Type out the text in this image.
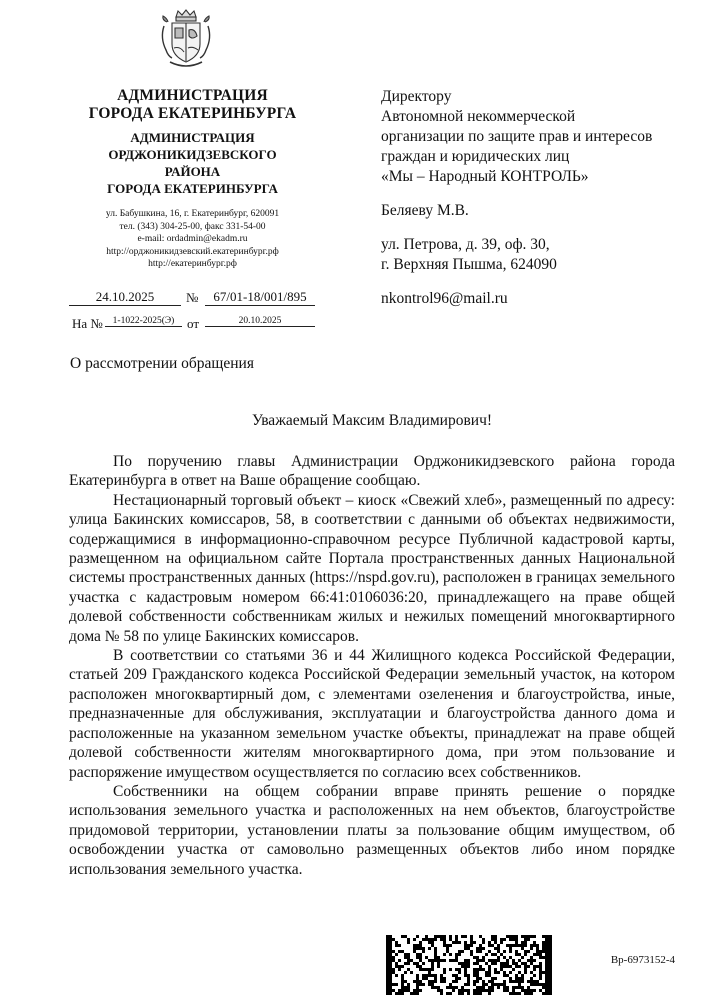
АДМИНИСТРАЦИЯ
ГОРОДА ЕКАТЕРИНБУРГА
АДМИНИСТРАЦИЯ
ОРДЖОНИКИДЗЕВСКОГО
РАЙОНА
ГОРОДА ЕКАТЕРИНБУРГА
ул. Бабушкина, 16, г. Екатеринбург, 620091
тел. (343) 304-25-00, факс 331-54-00
e-mail: ordadmin@ekadm.ru
http://орджоникидзевский.екатеринбург.рф
http://екатеринбург.рф
24.10.2025	№	67/01-18/001/895
На №	1-1022-2025(Э) от	20.10.2025
Директору
Автономной некоммерческой
организации по защите прав и интересов
граждан и юридических лиц
«Мы – Народный КОНТРОЛЬ»
Беляеву М.В.
ул. Петрова, д. 39, оф. 30,
г. Верхняя Пышма, 624090
nkontrol96@mail.ru
О рассмотрении обращения
Уважаемый Максим Владимирович!

По поручению главы Администрации Орджоникидзевского района города Екатеринбурга в ответ на Ваше обращение сообщаю.

Нестационарный торговый объект – киоск «Свежий хлеб», размещенный по адресу: улица Бакинских комиссаров, 58, в соответствии с данными об объектах недвижимости, содержащимися в информационно-справочном ресурсе Публичной кадастровой карты, размещенном на официальном сайте Портала пространственных данных Национальной системы пространственных данных (https://nspd.gov.ru), расположен в границах земельного участка с кадастровым номером 66:41:0106036:20, принадлежащего на праве общей долевой собственности собственникам жилых и нежилых помещений многоквартирного дома № 58 по улице Бакинских комиссаров.

В соответствии со статьями 36 и 44 Жилищного кодекса Российской Федерации, статьей 209 Гражданского кодекса Российской Федерации земельный участок, на котором расположен многоквартирный дом, с элементами озеленения и благоустройства, иные, предназначенные для обслуживания, эксплуатации и благоустройства данного дома и расположенные на указанном земельном участке объекты, принадлежат на праве общей долевой собственности жителям многоквартирного дома, при этом пользование и распоряжение имуществом осуществляется по согласию всех собственников.

Собственники на общем собрании вправе принять решение о порядке использования земельного участка и расположенных на нем объектов, благоустройстве придомовой территории, установлении платы за пользование общим имуществом, об освобождении участка от самовольно размещенных объектов либо ином порядке использования земельного участка.

Вр-6973152-4
